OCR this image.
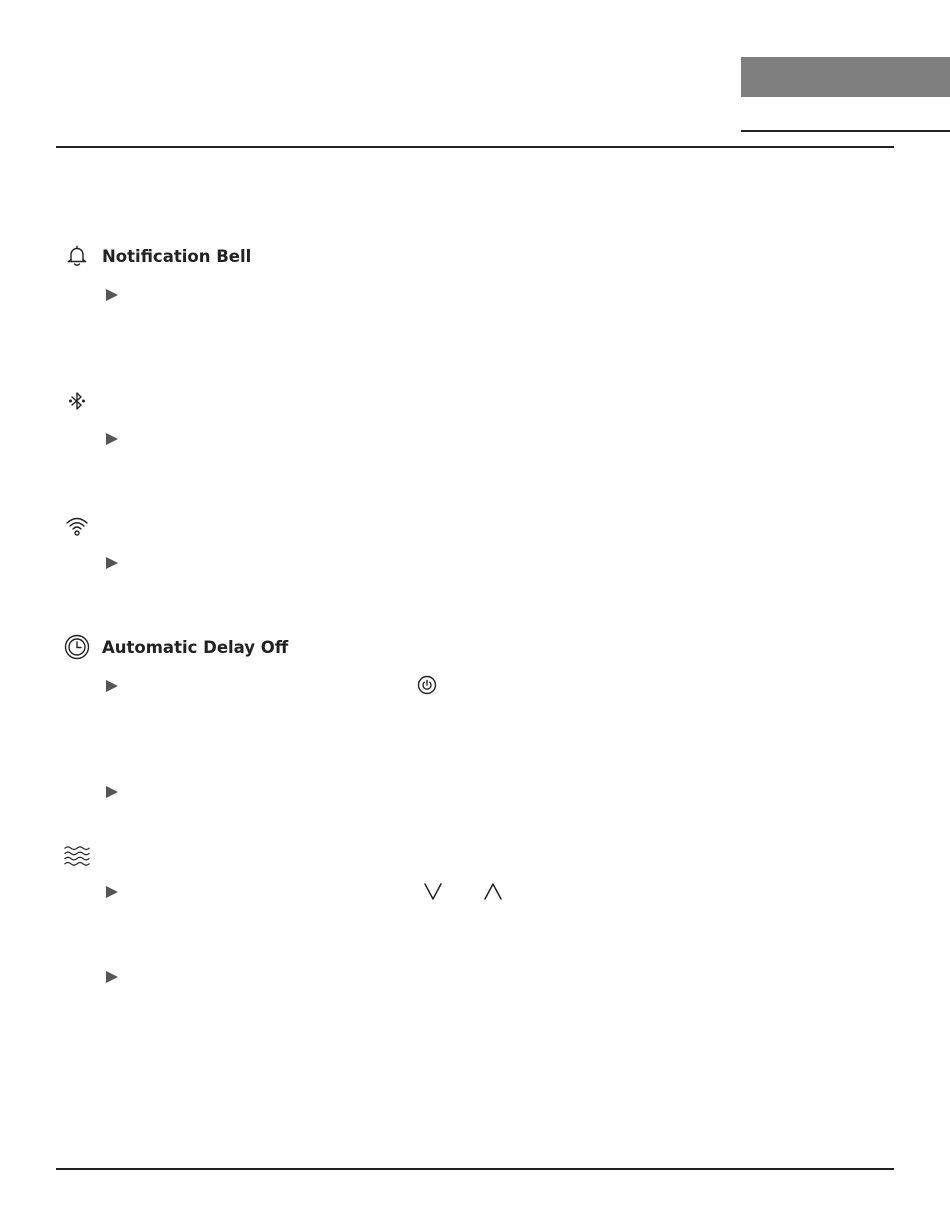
Notification Bell
Automatic Delay Off
